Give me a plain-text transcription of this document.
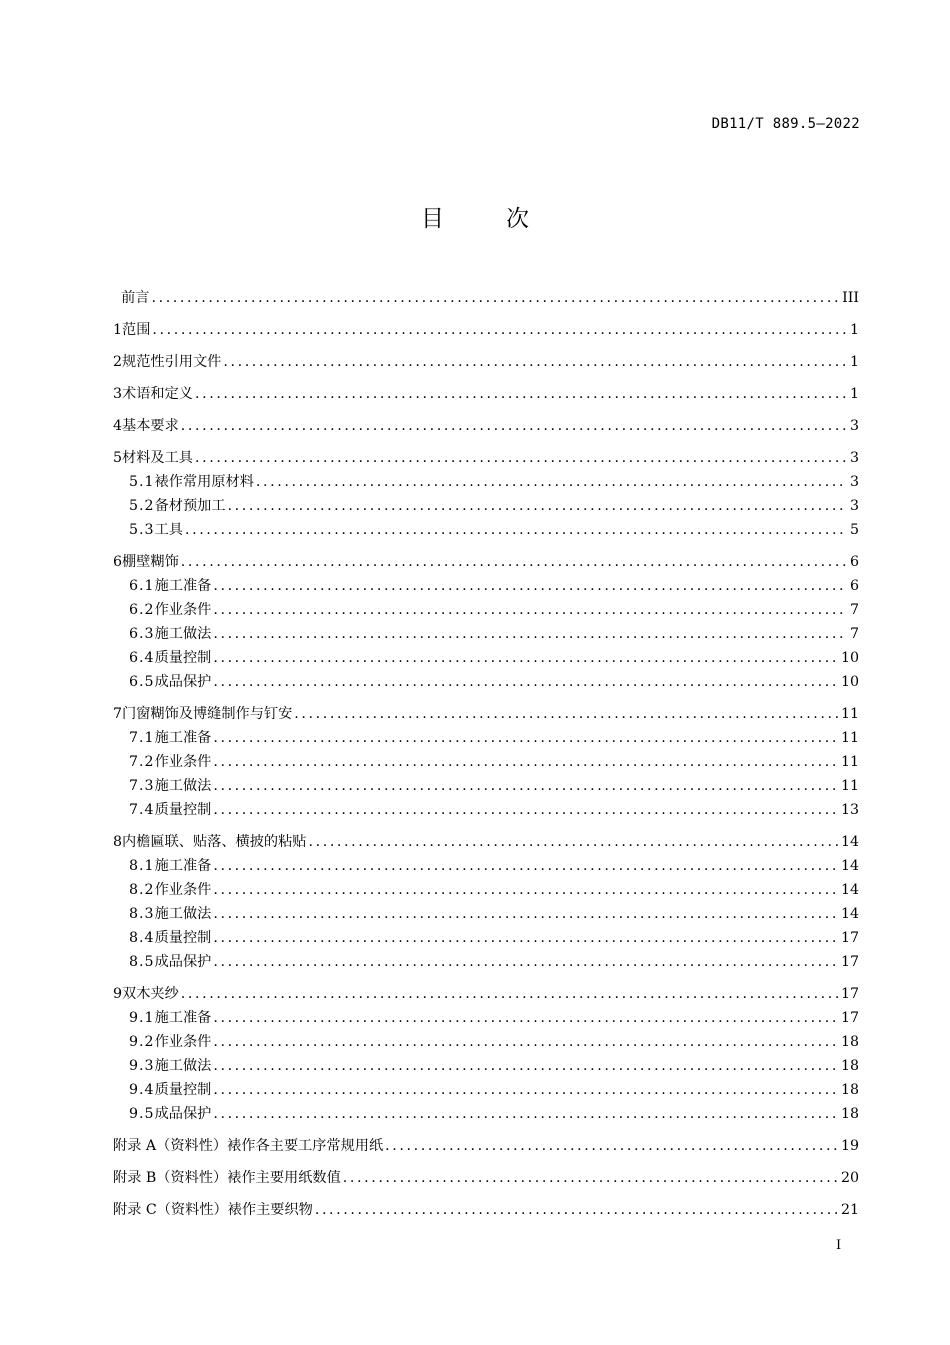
DB11/T 889.5—2022
目	次
前言 .....	III
1 范围 .....	1
2 规范性引用文件 .....	1
3 术语和定义 .....	1
4 基本要求 .....	3
5 材料及工具 .....	3
5.1 裱作常用原材料 .....	3
5.2 备材预加工 .....	3
5.3 工具 .....	5
6 棚壁糊饰 .....	6
6.1 施工准备 .....	6
6.2 作业条件 .....	7
6.3 施工做法 .....	7
6.4 质量控制 .....	10
6.5 成品保护 .....	10
7 门窗糊饰及博缝制作与钉安 .....	11
7.1 施工准备 .....	11
7.2 作业条件 .....	11
7.3 施工做法 .....	11
7.4 质量控制 .....	13
8 内檐匾联、贴落、横披的粘贴 .....	14
8.1 施工准备 .....	14
8.2 作业条件 .....	14
8.3 施工做法 .....	14
8.4 质量控制 .....	17
8.5 成品保护 .....	17
9 双木夹纱 .....	17
9.1 施工准备 .....	17
9.2 作业条件 .....	18
9.3 施工做法 .....	18
9.4 质量控制 .....	18
9.5 成品保护 .....	18
附录 A（资料性） 裱作各主要工序常规用纸 .....	19
附录 B（资料性） 裱作主要用纸数值 .....	20
附录 C（资料性） 裱作主要织物 .....	21
I
